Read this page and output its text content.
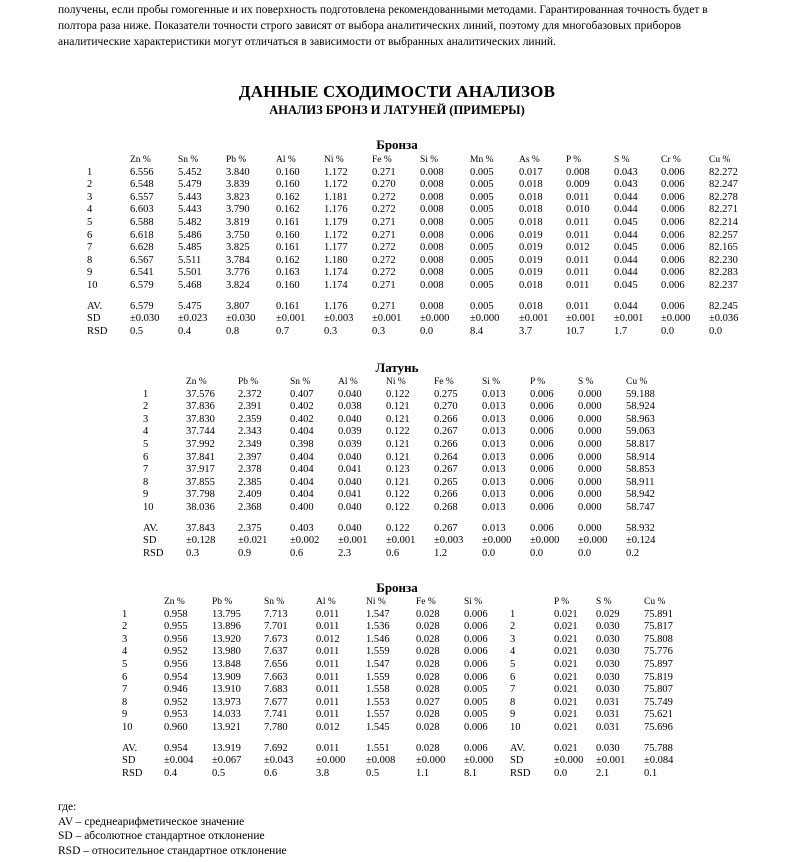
получены, если пробы гомогенные и их поверхность подготовлена рекомендованными методами. Гарантированная точность будет в
полтора раза ниже. Показатели точности строго зависят от выбора аналитических линий, поэтому для многобазовых приборов
аналитические характеристики могут отличаться в зависимости от выбранных аналитических линий.
ДАННЫЕ СХОДИМОСТИ АНАЛИЗОВ
АНАЛИЗ БРОНЗ И ЛАТУНЕЙ (ПРИМЕРЫ)
Бронза
	Zn %	Sn %	Pb %	Al %	Ni %	Fe %	Si %	Mn %	As %	P %	S %	Cr %	Cu %
1	6.556	5.452	3.840	0.160	1.172	0.271	0.008	0.005	0.017	0.008	0.043	0.006	82.272
2	6.548	5.479	3.839	0.160	1.172	0.270	0.008	0.005	0.018	0.009	0.043	0.006	82.247
3	6.557	5.443	3.823	0.162	1.181	0.272	0.008	0.005	0.018	0.011	0.044	0.006	82.278
4	6.603	5.443	3.790	0.162	1.176	0.272	0.008	0.005	0.018	0.010	0.044	0.006	82.271
5	6.588	5.482	3.819	0.161	1.179	0.271	0.008	0.005	0.018	0.011	0.045	0.006	82.214
6	6.618	5.486	3.750	0.160	1.172	0.271	0.008	0.006	0.019	0.011	0.044	0.006	82.257
7	6.628	5.485	3.825	0.161	1.177	0.272	0.008	0.005	0.019	0.012	0.045	0.006	82.165
8	6.567	5.511	3.784	0.162	1.180	0.272	0.008	0.005	0.019	0.011	0.044	0.006	82.230
9	6.541	5.501	3.776	0.163	1.174	0.272	0.008	0.005	0.019	0.011	0.044	0.006	82.283
10	6.579	5.468	3.824	0.160	1.174	0.271	0.008	0.005	0.018	0.011	0.045	0.006	82.237

AV.	6.579	5.475	3.807	0.161	1.176	0.271	0.008	0.005	0.018	0.011	0.044	0.006	82.245
SD	±0.030	±0.023	±0.030	±0.001	±0.003	±0.001	±0.000	±0.000	±0.001	±0.001	±0.001	±0.000	±0.036
RSD	0.5	0.4	0.8	0.7	0.3	0.3	0.0	8.4	3.7	10.7	1.7	0.0	0.0
Латунь
	Zn %	Pb %	Sn %	Al %	Ni %	Fe %	Si %	P %	S %	Cu %
1	37.576	2.372	0.407	0.040	0.122	0.275	0.013	0.006	0.000	59.188
2	37.836	2.391	0.402	0.038	0.121	0.270	0.013	0.006	0.000	58.924
3	37.830	2.359	0.402	0.040	0.121	0.266	0.013	0.006	0.000	58.963
4	37.744	2.343	0.404	0.039	0.122	0.267	0.013	0.006	0.000	59.063
5	37.992	2.349	0.398	0.039	0.121	0.266	0.013	0.006	0.000	58.817
6	37.841	2.397	0.404	0.040	0.121	0.264	0.013	0.006	0.000	58.914
7	37.917	2.378	0.404	0.041	0.123	0.267	0.013	0.006	0.000	58.853
8	37.855	2.385	0.404	0.040	0.121	0.265	0.013	0.006	0.000	58.911
9	37.798	2.409	0.404	0.041	0.122	0.266	0.013	0.006	0.000	58.942
10	38.036	2.368	0.400	0.040	0.122	0.268	0.013	0.006	0.000	58.747

AV.	37.843	2.375	0.403	0.040	0.122	0.267	0.013	0.006	0.000	58.932
SD	±0.128	±0.021	±0.002	±0.001	±0.001	±0.003	±0.000	±0.000	±0.000	±0.124
RSD	0.3	0.9	0.6	2.3	0.6	1.2	0.0	0.0	0.0	0.2
Бронза
	Zn %	Pb %	Sn %	Al %	Ni %	Fe %	Si %		P %	S %	Cu %
1	0.958	13.795	7.713	0.011	1.547	0.028	0.006	1	0.021	0.029	75.891
2	0.955	13.896	7.701	0.011	1.536	0.028	0.006	2	0.021	0.030	75.817
3	0.956	13.920	7.673	0.012	1.546	0.028	0.006	3	0.021	0.030	75.808
4	0.952	13.980	7.637	0.011	1.559	0.028	0.006	4	0.021	0.030	75.776
5	0.956	13.848	7.656	0.011	1.547	0.028	0.006	5	0.021	0.030	75.897
6	0.954	13.909	7.663	0.011	1.559	0.028	0.006	6	0.021	0.030	75.819
7	0.946	13.910	7.683	0.011	1.558	0.028	0.005	7	0.021	0.030	75.807
8	0.952	13.973	7.677	0.011	1.553	0.027	0.005	8	0.021	0.031	75.749
9	0.953	14.033	7.741	0.011	1.557	0.028	0.005	9	0.021	0.031	75.621
10	0.960	13.921	7.780	0.012	1.545	0.028	0.006	10	0.021	0.031	75.696

AV.	0.954	13.919	7.692	0.011	1.551	0.028	0.006	AV.	0.021	0.030	75.788
SD	±0.004	±0.067	±0.043	±0.000	±0.008	±0.000	±0.000	SD	±0.000	±0.001	±0.084
RSD	0.4	0.5	0.6	3.8	0.5	1.1	8.1	RSD	0.0	2.1	0.1
где:
AV – среднеарифметическое значение
SD – абсолютное стандартное отклонение
RSD – относительное стандартное отклонение
